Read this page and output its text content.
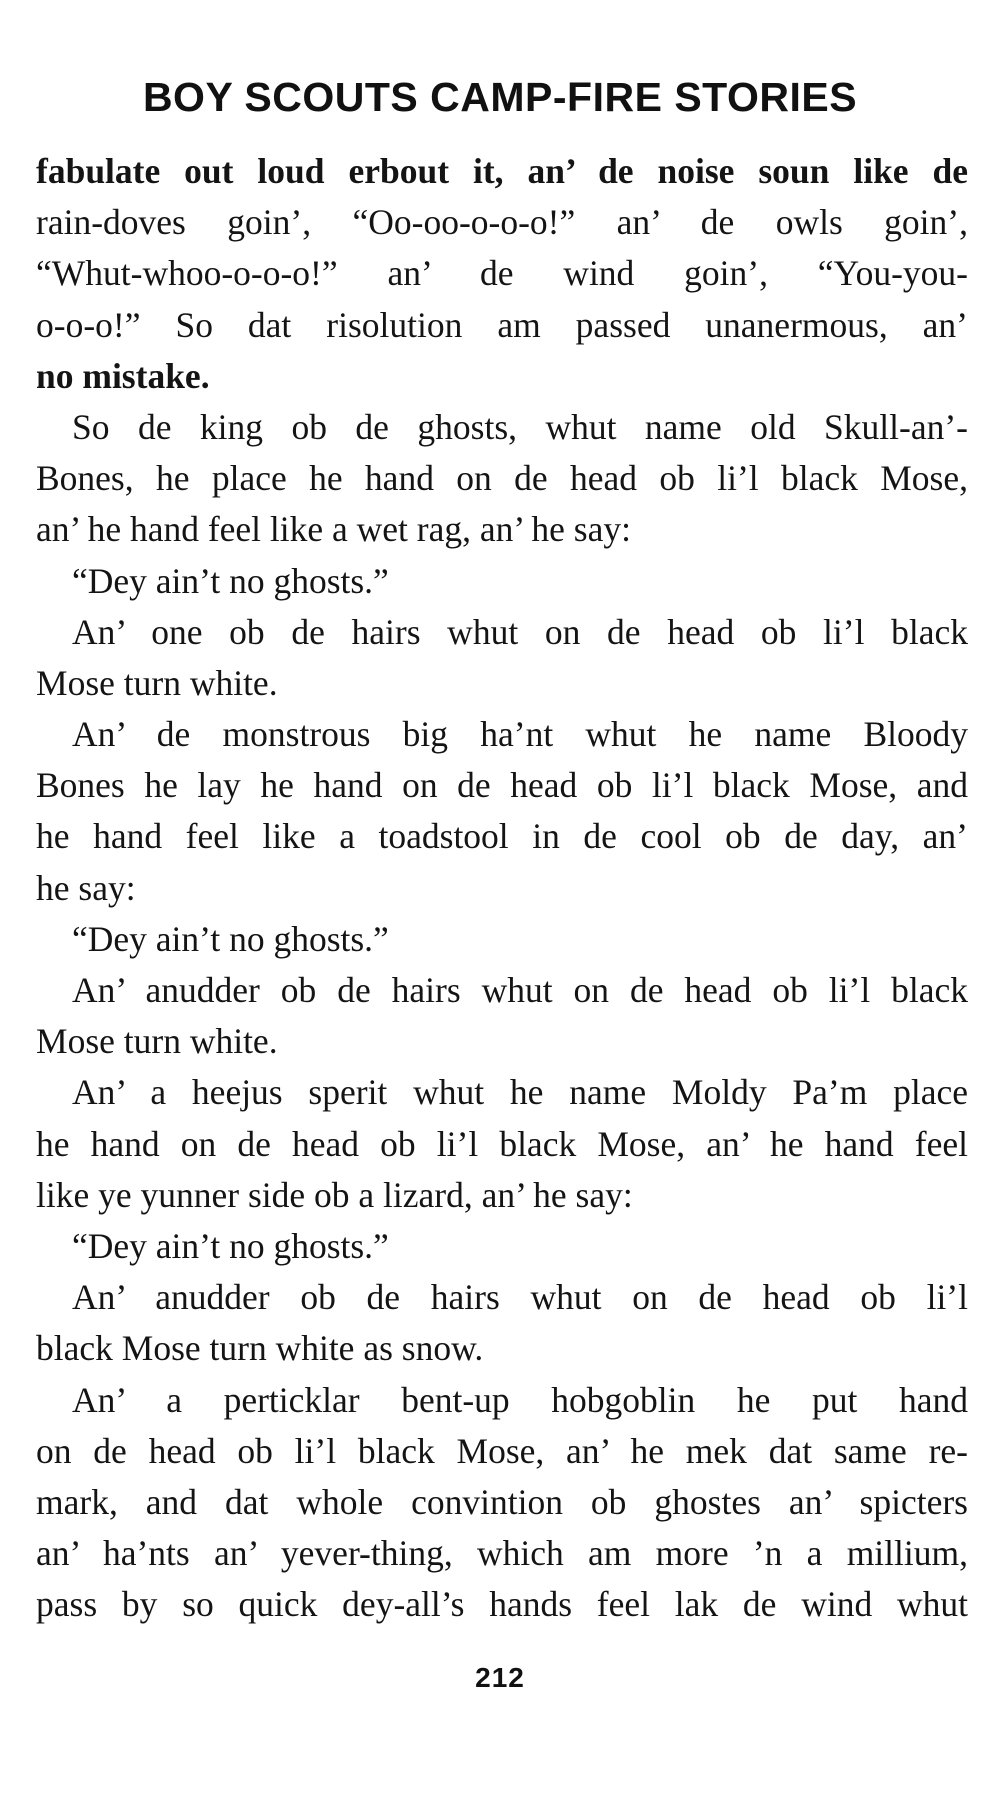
BOY SCOUTS CAMP-FIRE STORIES
fabulate out loud erbout it, an’ de noise soun like de
rain-doves goin’, “Oo-oo-o-o-o!” an’ de owls goin’,
“Whut-whoo-o-o-o!” an’ de wind goin’, “You-you-
o-o-o!” So dat risolution am passed unanermous, an’
no mistake.
So de king ob de ghosts, whut name old Skull-an’-
Bones, he place he hand on de head ob li’l black Mose,
an’ he hand feel like a wet rag, an’ he say:
“Dey ain’t no ghosts.”
An’ one ob de hairs whut on de head ob li’l black
Mose turn white.
An’ de monstrous big ha’nt whut he name Bloody
Bones he lay he hand on de head ob li’l black Mose, and
he hand feel like a toadstool in de cool ob de day, an’
he say:
“Dey ain’t no ghosts.”
An’ anudder ob de hairs whut on de head ob li’l black
Mose turn white.
An’ a heejus sperit whut he name Moldy Pa’m place
he hand on de head ob li’l black Mose, an’ he hand feel
like ye yunner side ob a lizard, an’ he say:
“Dey ain’t no ghosts.”
An’ anudder ob de hairs whut on de head ob li’l
black Mose turn white as snow.
An’ a perticklar bent-up hobgoblin he put hand
on de head ob li’l black Mose, an’ he mek dat same re-
mark, and dat whole convintion ob ghostes an’ spicters
an’ ha’nts an’ yever-thing, which am more ’n a millium,
pass by so quick dey-all’s hands feel lak de wind whut
212
